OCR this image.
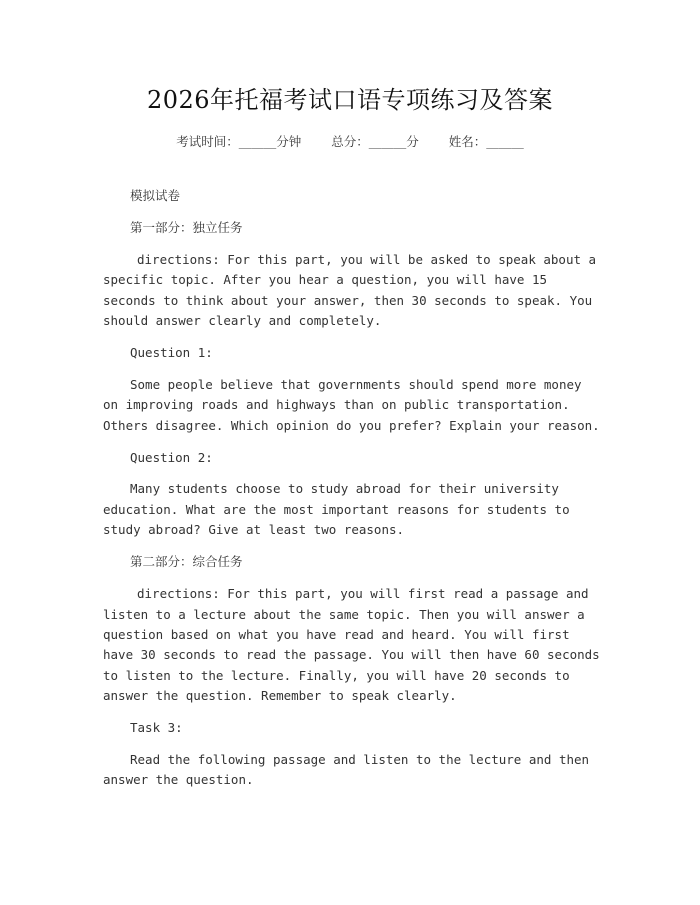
2026年托福考试口语专项练习及答案
考试时间：______分钟 总分：______分 姓名：______

模拟试卷

第一部分：独立任务

directions: For this part, you will be asked to speak about a specific topic. After you hear a question, you will have 15 seconds to think about your answer, then 30 seconds to speak. You should answer clearly and completely.

Question 1:

Some people believe that governments should spend more money on improving roads and highways than on public transportation. Others disagree. Which opinion do you prefer? Explain your reason.

Question 2:

Many students choose to study abroad for their university education. What are the most important reasons for students to study abroad? Give at least two reasons.

第二部分：综合任务

directions: For this part, you will first read a passage and listen to a lecture about the same topic. Then you will answer a question based on what you have read and heard. You will first have 30 seconds to read the passage. You will then have 60 seconds to listen to the lecture. Finally, you will have 20 seconds to answer the question. Remember to speak clearly.

Task 3:

Read the following passage and listen to the lecture and then answer the question.
